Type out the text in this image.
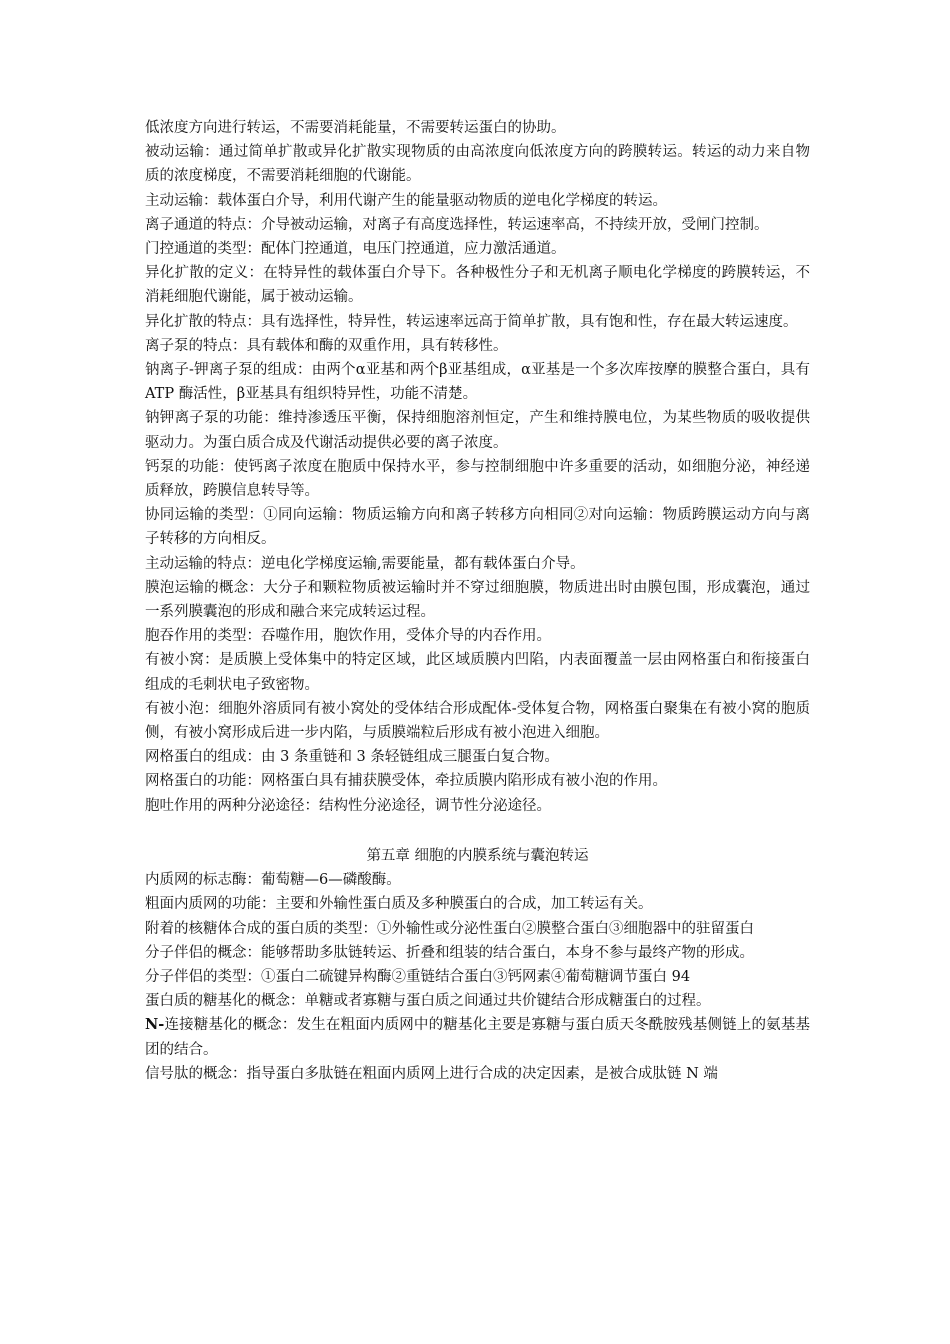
低浓度方向进行转运，不需要消耗能量，不需要转运蛋白的协助。

被动运输：通过简单扩散或异化扩散实现物质的由高浓度向低浓度方向的跨膜转运。转运的动力来自物质的浓度梯度，不需要消耗细胞的代谢能。

主动运输：载体蛋白介导，利用代谢产生的能量驱动物质的逆电化学梯度的转运。

离子通道的特点：介导被动运输，对离子有高度选择性，转运速率高，不持续开放，受闸门控制。

门控通道的类型：配体门控通道，电压门控通道，应力激活通道。

异化扩散的定义：在特异性的载体蛋白介导下。各种极性分子和无机离子顺电化学梯度的跨膜转运，不消耗细胞代谢能，属于被动运输。

异化扩散的特点：具有选择性，特异性，转运速率远高于简单扩散，具有饱和性，存在最大转运速度。

离子泵的特点：具有载体和酶的双重作用，具有转移性。

钠离子-钾离子泵的组成：由两个α亚基和两个β亚基组成，α亚基是一个多次库按摩的膜整合蛋白，具有 ATP 酶活性，β亚基具有组织特异性，功能不清楚。

钠钾离子泵的功能：维持渗透压平衡，保持细胞溶剂恒定，产生和维持膜电位，为某些物质的吸收提供驱动力。为蛋白质合成及代谢活动提供必要的离子浓度。

钙泵的功能：使钙离子浓度在胞质中保持水平，参与控制细胞中许多重要的活动，如细胞分泌，神经递质释放，跨膜信息转导等。

协同运输的类型：①同向运输：物质运输方向和离子转移方向相同②对向运输：物质跨膜运动方向与离子转移的方向相反。

主动运输的特点：逆电化学梯度运输,需要能量，都有载体蛋白介导。

膜泡运输的概念：大分子和颗粒物质被运输时并不穿过细胞膜，物质进出时由膜包围，形成囊泡，通过一系列膜囊泡的形成和融合来完成转运过程。

胞吞作用的类型：吞噬作用，胞饮作用，受体介导的内吞作用。

有被小窝：是质膜上受体集中的特定区域，此区域质膜内凹陷，内表面覆盖一层由网格蛋白和衔接蛋白组成的毛刺状电子致密物。

有被小泡：细胞外溶质同有被小窝处的受体结合形成配体-受体复合物，网格蛋白聚集在有被小窝的胞质侧，有被小窝形成后进一步内陷，与质膜端粒后形成有被小泡进入细胞。

网格蛋白的组成：由 3 条重链和 3 条轻链组成三腿蛋白复合物。

网格蛋白的功能：网格蛋白具有捕获膜受体，牵拉质膜内陷形成有被小泡的作用。

胞吐作用的两种分泌途径：结构性分泌途径，调节性分泌途径。

第五章 细胞的内膜系统与囊泡转运

内质网的标志酶：葡萄糖—6—磷酸酶。

粗面内质网的功能：主要和外输性蛋白质及多种膜蛋白的合成，加工转运有关。

附着的核糖体合成的蛋白质的类型：①外输性或分泌性蛋白②膜整合蛋白③细胞器中的驻留蛋白

分子伴侣的概念：能够帮助多肽链转运、折叠和组装的结合蛋白，本身不参与最终产物的形成。

分子伴侣的类型：①蛋白二硫键异构酶②重链结合蛋白③钙网素④葡萄糖调节蛋白 94

蛋白质的糖基化的概念：单糖或者寡糖与蛋白质之间通过共价键结合形成糖蛋白的过程。

N-连接糖基化的概念：发生在粗面内质网中的糖基化主要是寡糖与蛋白质天冬酰胺残基侧链上的氨基基团的结合。

信号肽的概念：指导蛋白多肽链在粗面内质网上进行合成的决定因素，是被合成肽链 N 端
